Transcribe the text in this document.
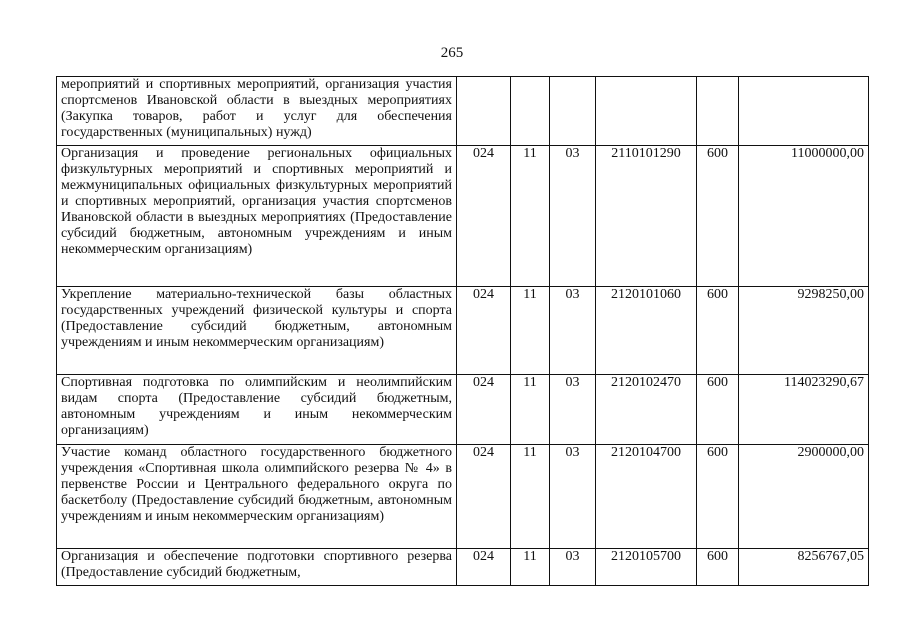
265
мероприятий и спортивных мероприятий, организация участия спортсменов Ивановской области в выездных мероприятиях (Закупка товаров, работ и услуг для обеспечения государственных (муниципальных) нужд)						
Организация и проведение региональных официальных физкультурных мероприятий и спортивных мероприятий и межмуниципальных официальных физкультурных мероприятий и спортивных мероприятий, организация участия спортсменов Ивановской области в выездных мероприятиях (Предоставление субсидий бюджетным, автономным учреждениям и иным некоммерческим организациям)	024	11	03	2110101290	600	11000000,00
Укрепление материально-технической базы областных государственных учреждений физической культуры и спорта (Предоставление субсидий бюджетным, автономным учреждениям и иным некоммерческим организациям)	024	11	03	2120101060	600	9298250,00
Спортивная подготовка по олимпийским и неолимпийским видам спорта (Предоставление субсидий бюджетным, автономным учреждениям и иным некоммерческим организациям)	024	11	03	2120102470	600	114023290,67
Участие команд областного государственного бюджетного учреждения «Спортивная школа олимпийского резерва № 4» в первенстве России и Центрального федерального округа по баскетболу (Предоставление субсидий бюджетным, автономным учреждениям и иным некоммерческим организациям)	024	11	03	2120104700	600	2900000,00
Организация и обеспечение подготовки спортивного резерва (Предоставление субсидий бюджетным,	024	11	03	2120105700	600	8256767,05
